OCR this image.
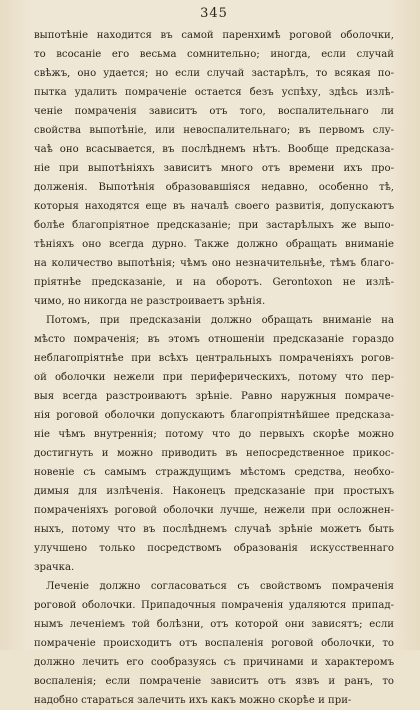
345
выпотѣніе находится въ самой паренхимѣ роговой оболочки,
то всосаніе его весьма сомнительно; иногда, если случай
свѣжъ, оно удается; но если случай застарѣлъ, то всякая по-
пытка удалить помраченіе остается безъ успѣху, здѣсь излѣ-
ченіе помраченія зависитъ отъ того, воспалительнаго ли
свойства выпотѣніе, или невоспалительнаго; въ первомъ слу-
чаѣ оно всасывается, въ послѣднемъ нѣтъ. Вообще предсказа-
ніе при выпотѣніяхъ зависитъ много отъ времени ихъ про-
долженія. Выпотѣнія образовавшіяся недавно, особенно тѣ,
которыя находятся еще въ началѣ своего развитія, допускаютъ
болѣе благопріятное предсказаніе; при застарѣлыхъ же выпо-
тѣніяхъ оно всегда дурно. Также должно обращать вниманіе
на количество выпотѣнія; чѣмъ оно незначительнѣе, тѣмъ благо-
пріятнѣе предсказаніе, и на оборотъ. Gerontoxon не излѣ-
чимо, но никогда не разстроиваетъ зрѣнія.
Потомъ, при предсказаніи должно обращать вниманіе на
мѣсто помраченія; въ этомъ отношеніи предсказаніе гораздо
неблагопріятнѣе при всѣхъ центральныхъ помраченіяхъ рогов-
ой оболочки нежели при периферическихъ, потому что пер-
выя всегда разстроиваютъ зрѣніе. Равно наружныя помраче-
нія роговой оболочки допускаютъ благопріятнѣйшее предсказа-
ніе чѣмъ внутреннія; потому что до первыхъ скорѣе можно
достигнуть и можно приводить въ непосредственное прикос-
новеніе съ самымъ страждущимъ мѣстомъ средства, необхо-
димыя для излѣченія. Наконецъ предсказаніе при простыхъ
помраченіяхъ роговой оболочки лучше, нежели при осложнен-
ныхъ, потому что въ послѣднемъ случаѣ зрѣніе можетъ быть
улучшено только посредствомъ образованія искусственнаго
зрачка.
Леченіе должно согласоваться съ свойствомъ помраченія
роговой оболочки. Припадочныя помраченія удаляются припад-
нымъ леченіемъ той болѣзни, отъ которой они зависятъ; если
помраченіе происходитъ отъ воспаленія роговой оболочки, то
должно лечить его сообразуясь съ причинами и характеромъ
воспаленія; если помраченіе зависитъ отъ язвъ и ранъ, то
надобно стараться залечить ихъ какъ можно скорѣе и при-
